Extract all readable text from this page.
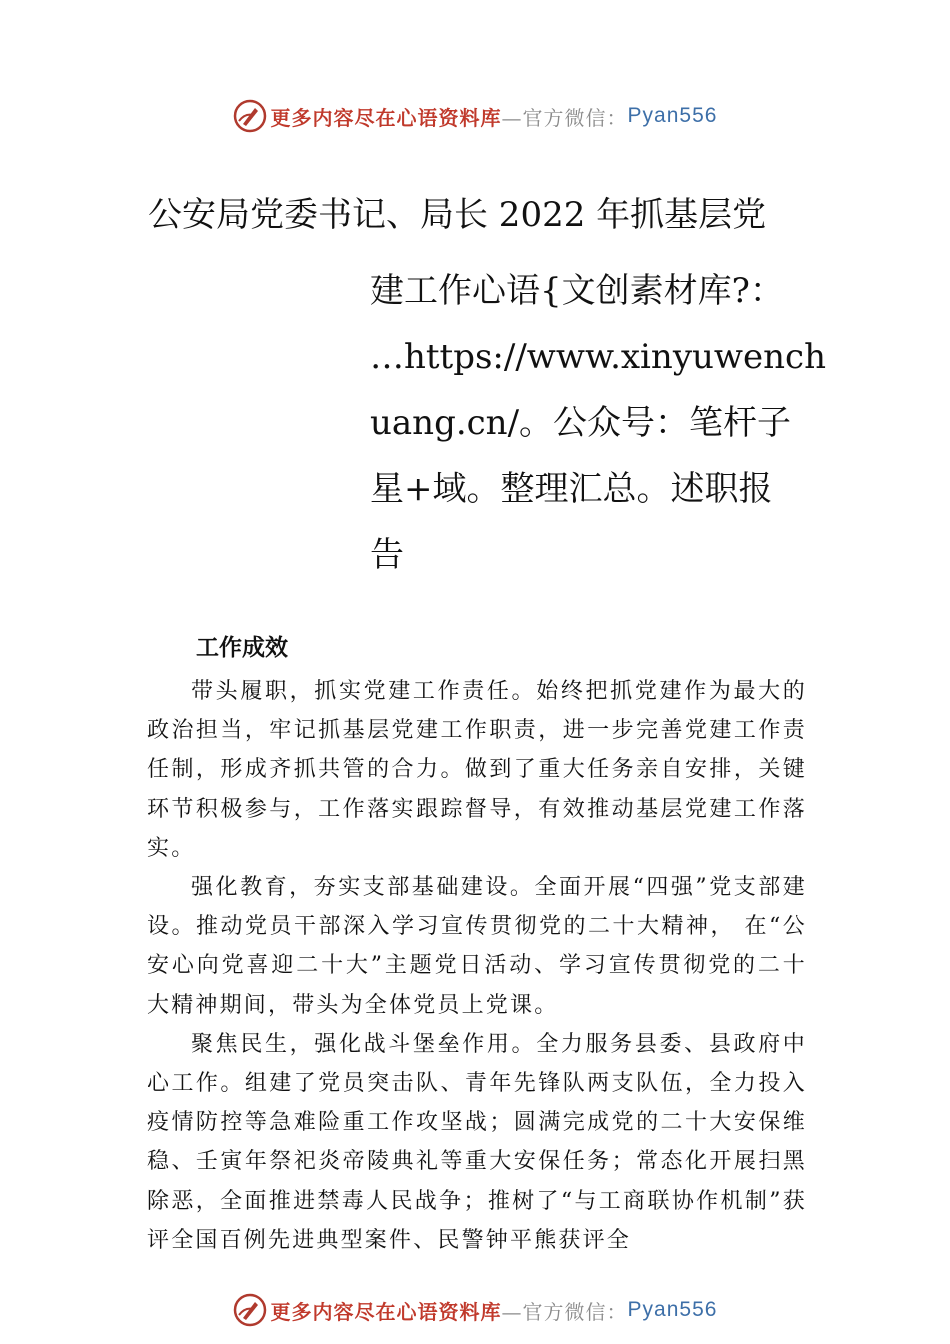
更多内容尽在心语资料库 —官方微信： Pyan556
公安局党委书记、局长 2022 年抓基层党
建工作心语{文创素材库?：
…https://www.xinyuwench
uang.cn/。公众号：笔杆子
星+域。整理汇总。述职报
告
工作成效

带头履职，抓实党建工作责任。始终把抓党建作为最大的政治担当，牢记抓基层党建工作职责，进一步完善党建工作责任制，形成齐抓共管的合力。做到了重大任务亲自安排，关键环节积极参与，工作落实跟踪督导，有效推动基层党建工作落实。

强化教育，夯实支部基础建设。全面开展“四强”党支部建设。推动党员干部深入学习宣传贯彻党的二十大精神， 在“公安心向党喜迎二十大”主题党日活动、学习宣传贯彻党的二十大精神期间，带头为全体党员上党课。

聚焦民生，强化战斗堡垒作用。全力服务县委、县政府中心工作。组建了党员突击队、青年先锋队两支队伍，全力投入疫情防控等急难险重工作攻坚战；圆满完成党的二十大安保维稳、壬寅年祭祀炎帝陵典礼等重大安保任务；常态化开展扫黑除恶，全面推进禁毒人民战争；推树了“与工商联协作机制”获评全国百例先进典型案件、民警钟平熊获评全

更多内容尽在心语资料库 —官方微信： Pyan556
